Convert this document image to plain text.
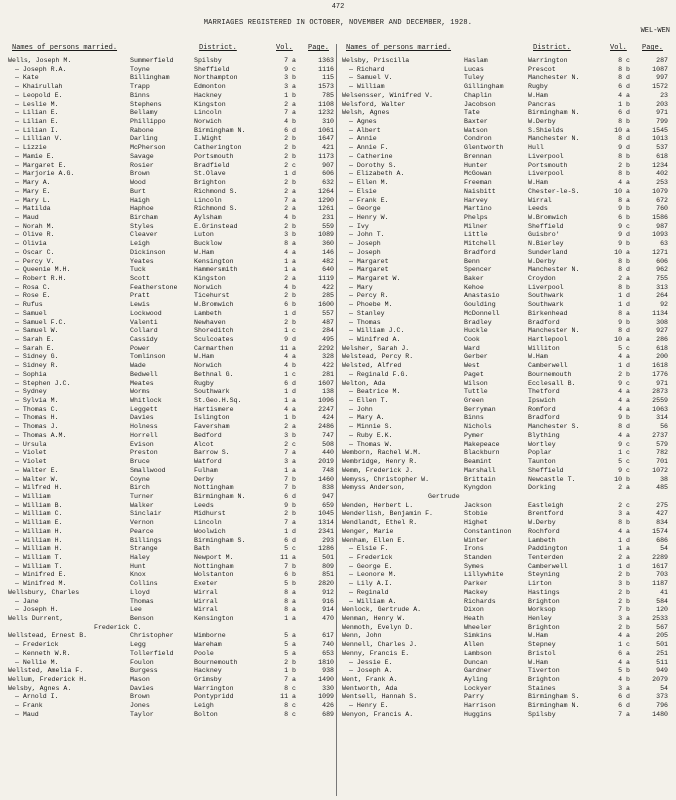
472
MARRIAGES REGISTERED IN OCTOBER, NOVEMBER AND DECEMBER, 1928.
WEL-WEN
Names of persons married.	District.	Vol. Page. Names of persons married.	District.	Vol. Page.
Wells, Joseph M.	Summerfield	Spilsby	7 a	1363
— Joseph R.A.	Toyne	Sheffield	9 c	1116
— Kate	Billingham	Northampton	3 b	115
— Khairullah	Trapp	Edmonton	3 a	1573
— Leopold E.	Binns	Hackney	1 b	785
— Leslie M.	Stephens	Kingston	2 a	1108
— Lilian E.	Bellamy	Lincoln	7 a	1232
— Lilian E.	Phillippo	Norwich	4 b	310
— Lilian I.	Rabone	Birmingham N.	6 d	1061
— Lillian V.	Darling	I.Wight	2 b	1647
— Lizzie	McPherson	Catherington	2 b	421
— Mamie E.	Savage	Portsmouth	2 b	1173
— Margaret E.	Rosier	Bradfield	2 c	907
— Marjorie A.G.	Brown	St.Olave	1 d	606
— Mary A.	Wood	Brighton	2 b	632
— Mary E.	Burt	Richmond S.	2 a	1264
— Mary L.	Haigh	Lincoln	7 a	1290
— Matilda	Haphoe	Richmond S.	2 a	1261
— Maud	Bircham	Aylsham	4 b	231
— Norah M.	Styles	E.Grinstead	2 b	559
— Olive R.	Cleaver	Luton	3 b	1089
— Olivia	Leigh	Bucklow	8 a	360
— Oscar C.	Dickinson	W.Ham	4 a	146
— Percy V.	Yeates	Kensington	1 a	482
— Queenie M.H.	Tuck	Hammersmith	1 a	640
— Robert R.H.	Scott	Kingston	2 a	1119
— Rosa C.	Featherstone	Norwich	4 b	422
— Rose E.	Pratt	Ticehurst	2 b	285
— Rufus	Lewis	W.Bromwich	6 b	1600
— Samuel	Lockwood	Lambeth	1 d	557
— Samuel F.C.	Valenti	Newhaven	2 b	487
— Samuel W.	Collard	Shoreditch	1 c	284
— Sarah E.	Cassidy	Sculcoates	9 d	495
— Sarah E.	Power	Carmarthen	11 a	2292
— Sidney G.	Tomlinson	W.Ham	4 a	328
— Sidney R.	Wade	Norwich	4 b	422
— Sophia	Bedwell	Bethnal G.	1 c	281
— Stephen J.C.	Meates	Rugby	6 d	1607
— Sydney	Worms	Southwark	1 d	138
— Sylvia M.	Whitlock	St.Geo.H.Sq.	1 a	1096
— Thomas C.	Leggett	Hartismere	4 a	2247
— Thomas H.	Davies	Islington	1 b	424
— Thomas J.	Holness	Faversham	2 a	2486
— Thomas A.M.	Horrell	Bedford	3 b	747
— Ursula	Evison	Alcot	2 c	508
— Violet	Preston	Barrow S.	7 a	440
— Violet	Bruce	Watford	3 a	2019
— Walter E.	Smallwood	Fulham	1 a	748
— Walter W.	Coyne	Derby	7 b	1460
— Wilfred H.	Birch	Nottingham	7 b	838
— William	Turner	Birmingham N.	6 d	947
— William B.	Walker	Leeds	9 b	659
— William C.	Sinclair	Midhurst	2 b	1045
— William E.	Vernon	Lincoln	7 a	1314
— William H.	Pearce	Woolwich	1 d	2341
— William H.	Billings	Birmingham S.	6 d	293
— William H.	Strange	Bath	5 c	1286
— William T.	Haley	Newport M.	11 a	501
— William T.	Hunt	Nottingham	7 b	809
— Winifred E.	Knox	Wolstanton	6 b	851
— Winifred M.	Collins	Exeter	5 b	2820
Wellsbury, Charles	Lloyd	Wirral	8 a	912
— Jane	Thomas	Wirral	8 a	916
— Joseph H.	Lee	Wirral	8 a	914
Wells Durrent,	Benson	Kensington	1 a	470
Frederick C.
Wellstead, Ernest B.	Christopher	Wimborne	5 a	617
— Frederick	Legg	Wareham	5 a	740
— Kenneth W.R.	Tollerfield	Poole	5 a	653
— Nellie M.	Foulon	Bournemouth	2 b	1810
Wellsted, Amelia F.	Burgess	Hackney	1 b	938
Wellum, Frederick H.	Mason	Grimsby	7 a	1490
Welsby, Agnes A.	Davies	Warrington	8 c	330
— Arnold I.	Brown	Pontypridd	11 a	1099
— Frank	Jones	Leigh	8 c	426
— Maud	Taylor	Bolton	8 c	689
Welsby, Priscilla	Haslam	Warrington	8 c	287
— Richard	Lucas	Prescot	8 b	1087
— Samuel V.	Tuley	Manchester N.	8 d	997
— William	Gillingham	Rugby	6 d	1572
Welsensser, Winifred V.	Chaplin	W.Ham	4 a	23
Welsford, Walter	Jacobson	Pancras	1 b	203
Welsh, Agnes	Tate	Birmingham N.	6 d	971
— Agnes	Baxter	W.Derby	8 b	799
— Albert	Watson	S.Shields	10 a	1545
— Annie	Condron	Manchester N.	8 d	1013
— Annie F.	Glentworth	Hull	9 d	537
— Catherine	Brennan	Liverpool	8 b	618
— Dorothy S.	Hunter	Portsmouth	2 b	1234
— Elizabeth A.	McGowan	Liverpool	8 b	402
— Ellen M.	Freeman	W.Ham	4 a	253
— Elsie	Naisbitt	Chester-le-S.	10 a	1079
— Frank E.	Harvey	Wirral	8 a	672
— George	Martino	Leeds	9 b	760
— Henry W.	Phelps	W.Bromwich	6 b	1586
— Ivy	Milner	Sheffield	9 c	987
— John T.	Little	Guisbro'	9 d	1093
— Joseph	Mitchell	N.Bierley	9 b	63
— Joseph	Bradford	Sunderland	10 a	1271
— Margaret	Benn	W.Derby	8 b	606
— Margaret	Spencer	Manchester N.	8 d	962
— Margaret W.	Baker	Croydon	2 a	755
— Mary	Kehoe	Liverpool	8 b	313
— Percy R.	Anastasio	Southwark	1 d	264
— Phoebe M.	Goulding	Southwark	1 d	92
— Stanley	McDonnell	Birkenhead	8 a	1134
— Thomas	Bradley	Bradford	9 b	308
— William J.C.	Huckle	Manchester N.	8 d	927
— Winifred A.	Cook	Hartlepool	10 a	286
Welsher, Sarah J.	Ward	Williton	5 c	618
Welstead, Percy R.	Gerber	W.Ham	4 a	200
Welsted, Alfred	West	Camberwell	1 d	1618
— Reginald F.G.	Paget	Bournemouth	2 b	1776
Welton, Ada	Wilson	Ecclesall B.	9 c	971
— Beatrice M.	Tuttle	Thetford	4 a	2873
— Ellen T.	Green	Ipswich	4 a	2559
— John	Berryman	Romford	4 a	1063
— Mary A.	Binns	Bradford	9 b	314
— Minnie S.	Nichols	Manchester S.	8 d	56
— Ruby E.K.	Pymer	Blything	4 a	2737
— Thomas W.	Makepeace	Wortley	9 c	579
Wemborn, Rachel W.M.	Blackburn	Poplar	1 c	782
Wembridge, Henry R.	Beamint	Taunton	5 c	701
Wemm, Frederick J.	Marshall	Sheffield	9 c	1072
Wemyss, Christopher W.	Brittain	Newcastle T.	10 b	38
Wemyss Anderson,	Kyngdon	Dorking	2 a	485
Gertrude
Wenden, Herbert L.	Jackson	Eastleigh	2 c	275
Wenderlish, Benjamin F.	Stobie	Brentford	3 a	427
Wendlandt, Ethel R.	Highet	W.Derby	8 b	834
Wenger, Marie	Constantinon	Rochford	4 a	1574
Wenham, Ellen E.	Winter	Lambeth	1 d	686
— Elsie F.	Irons	Paddington	1 a	54
— Frederick	Standen	Tenterden	2 a	2289
— George E.	Symes	Camberwell	1 d	1617
— Leonore M.	Lillywhite	Steyning	2 b	703
— Lily A.I.	Parker	Lirton	3 b	1187
— Reginald	Mackey	Hastings	2 b	41
— William A.	Richards	Brighton	2 b	584
Wenlock, Gertrude A.	Dixon	Worksop	7 b	120
Wenman, Henry W.	Heath	Henley	3 a	2533
Wenmoth, Evelyn D.	Wheeler	Brighton	2 b	567
Wenn, John	Simkins	W.Ham	4 a	205
Wennell, Charles J.	Allen	Stepney	1 c	501
Wenny, Francis E.	Lambson	Bristol	6 a	251
— Jessie E.	Duncan	W.Ham	4 a	511
— Joseph A.	Gardner	Tiverton	5 b	949
Went, Frank A.	Ayling	Brighton	4 b	2079
Wentworth, Ada	Lockyer	Staines	3 a	54
Wentsell, Hannah S.	Parry	Birmingham S.	6 d	373
— Henry E.	Harrison	Birmingham N.	6 d	796
Wenyon, Francis A.	Huggins	Spilsby	7 a	1480
